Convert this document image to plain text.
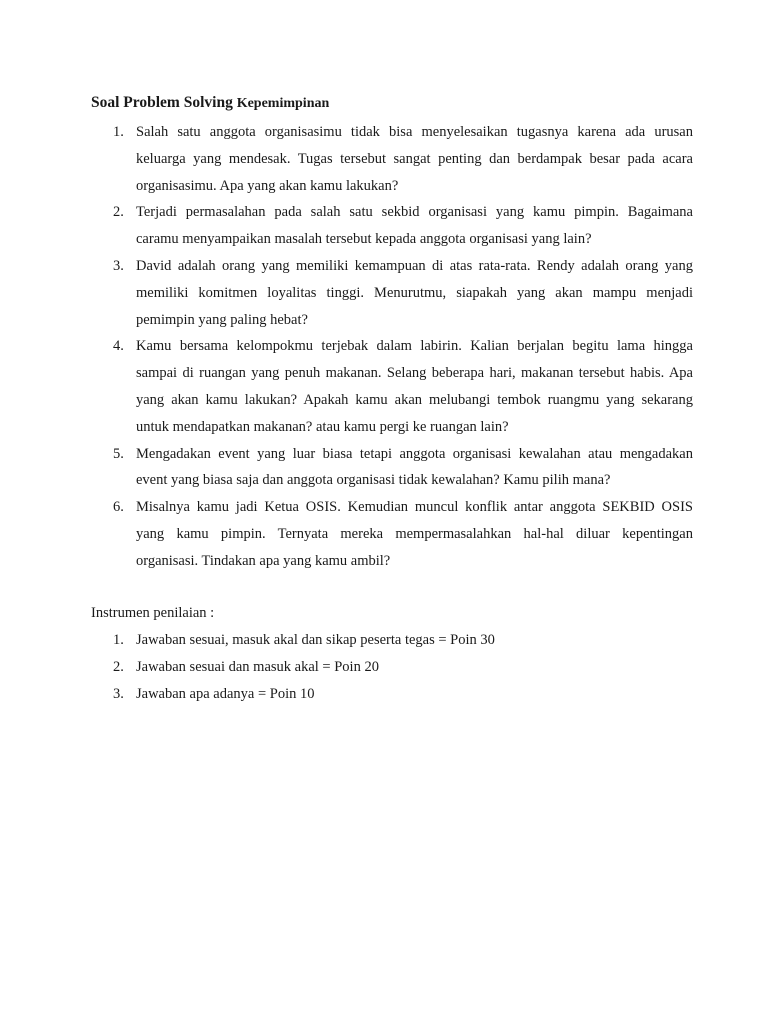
Soal Problem Solving Kepemimpinan
1. Salah satu anggota organisasimu tidak bisa menyelesaikan tugasnya karena ada urusan
keluarga yang mendesak. Tugas tersebut sangat penting dan berdampak besar pada acara
organisasimu. Apa yang akan kamu lakukan?
2. Terjadi permasalahan pada salah satu sekbid organisasi yang kamu pimpin. Bagaimana
caramu menyampaikan masalah tersebut kepada anggota organisasi yang lain?
3. David adalah orang yang memiliki kemampuan di atas rata-rata. Rendy adalah orang yang
memiliki komitmen loyalitas tinggi. Menurutmu, siapakah yang akan mampu menjadi
pemimpin yang paling hebat?
4. Kamu bersama kelompokmu terjebak dalam labirin. Kalian berjalan begitu lama hingga
sampai di ruangan yang penuh makanan. Selang beberapa hari, makanan tersebut habis. Apa
yang akan kamu lakukan? Apakah kamu akan melubangi tembok ruangmu yang sekarang
untuk mendapatkan makanan? atau kamu pergi ke ruangan lain?
5. Mengadakan event yang luar biasa tetapi anggota organisasi kewalahan atau mengadakan
event yang biasa saja dan anggota organisasi tidak kewalahan? Kamu pilih mana?
6. Misalnya kamu jadi Ketua OSIS. Kemudian muncul konflik antar anggota SEKBID OSIS
yang kamu pimpin. Ternyata mereka mempermasalahkan hal-hal diluar kepentingan
organisasi. Tindakan apa yang kamu ambil?
Instrumen penilaian :
1. Jawaban sesuai, masuk akal dan sikap peserta tegas = Poin 30
2. Jawaban sesuai dan masuk akal = Poin 20
3. Jawaban apa adanya = Poin 10
